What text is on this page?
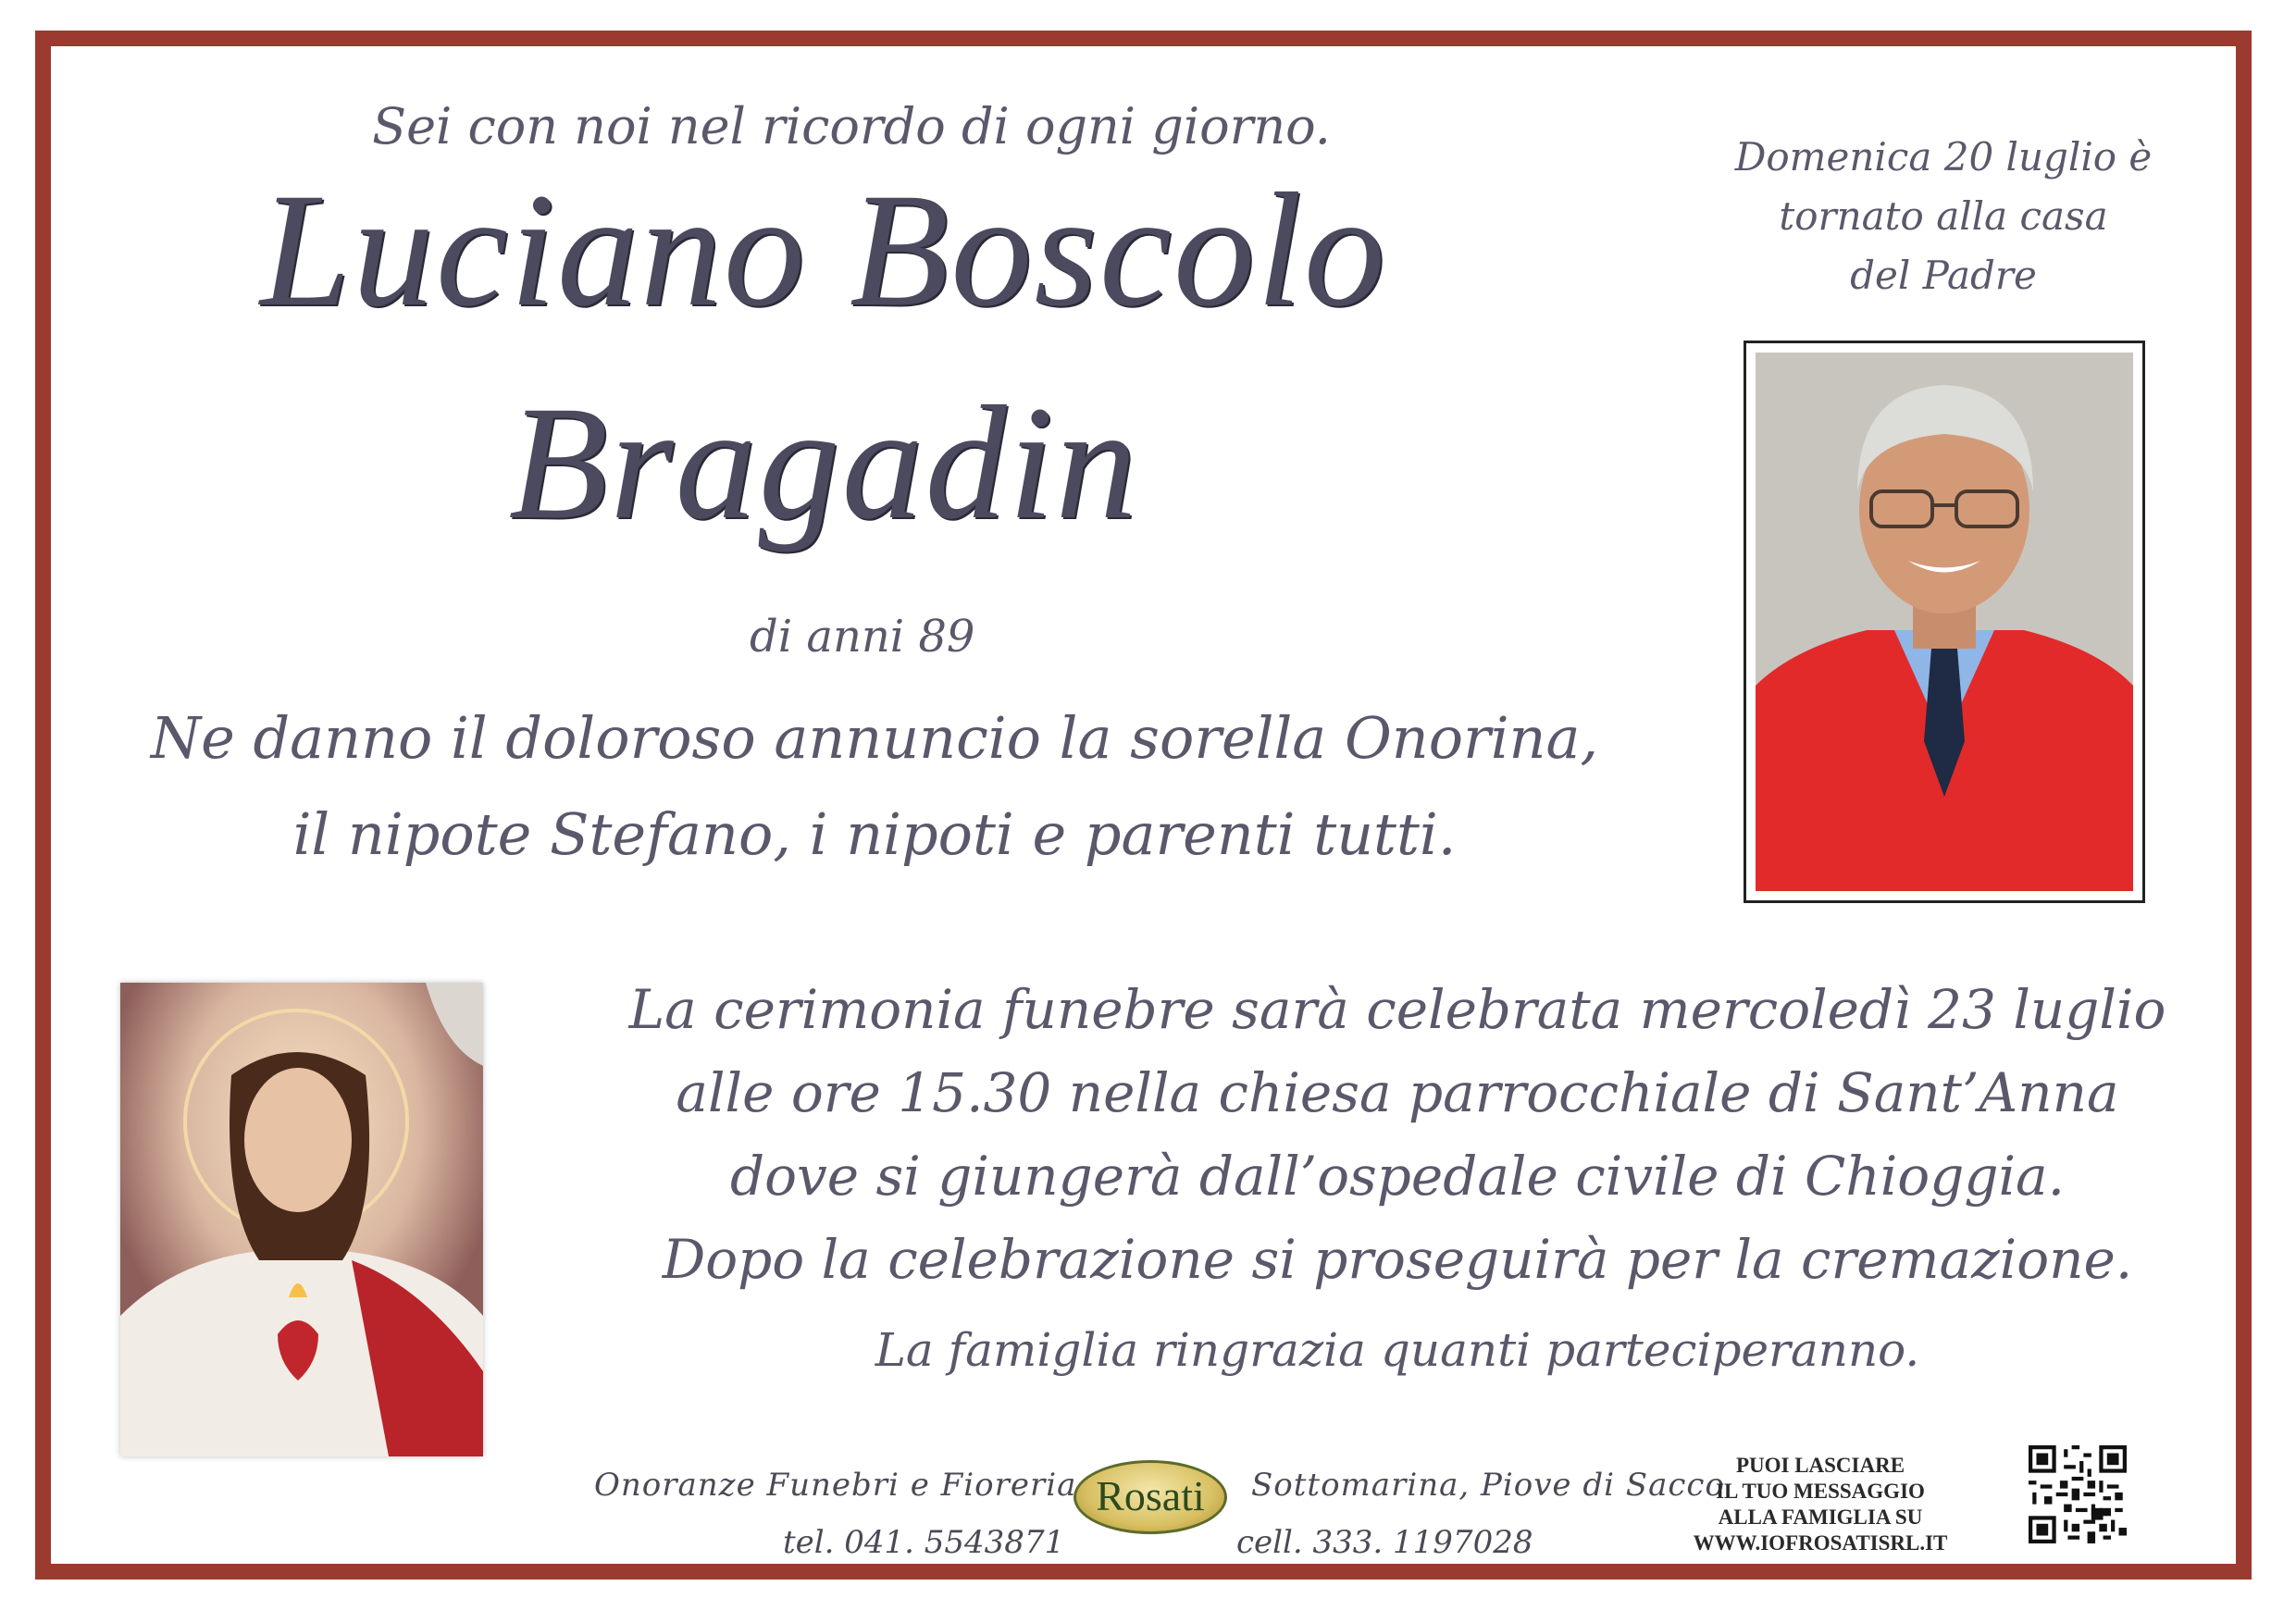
Sei con noi nel ricordo di ogni giorno.
Luciano Boscolo
Bragadin
di anni 89
Ne danno il doloroso annuncio la sorella Onorina,
il nipote Stefano, i nipoti e parenti tutti.
Domenica 20 luglio è
tornato alla casa
del Padre
La cerimonia funebre sarà celebrata mercoledì 23 luglio
alle ore 15.30 nella chiesa parrocchiale di Sant’Anna
dove si giungerà dall’ospedale civile di Chioggia.
Dopo la celebrazione si proseguirà per la cremazione.
La famiglia ringrazia quanti parteciperanno.
Onoranze Funebri e Fioreria
tel. 041. 5543871
Rosati	Sottomarina, Piove di Sacco
cell. 333. 1197028
PUOI LASCIARE
IL TUO MESSAGGIO
ALLA FAMIGLIA SU
WWW.IOFROSATISRL.IT
